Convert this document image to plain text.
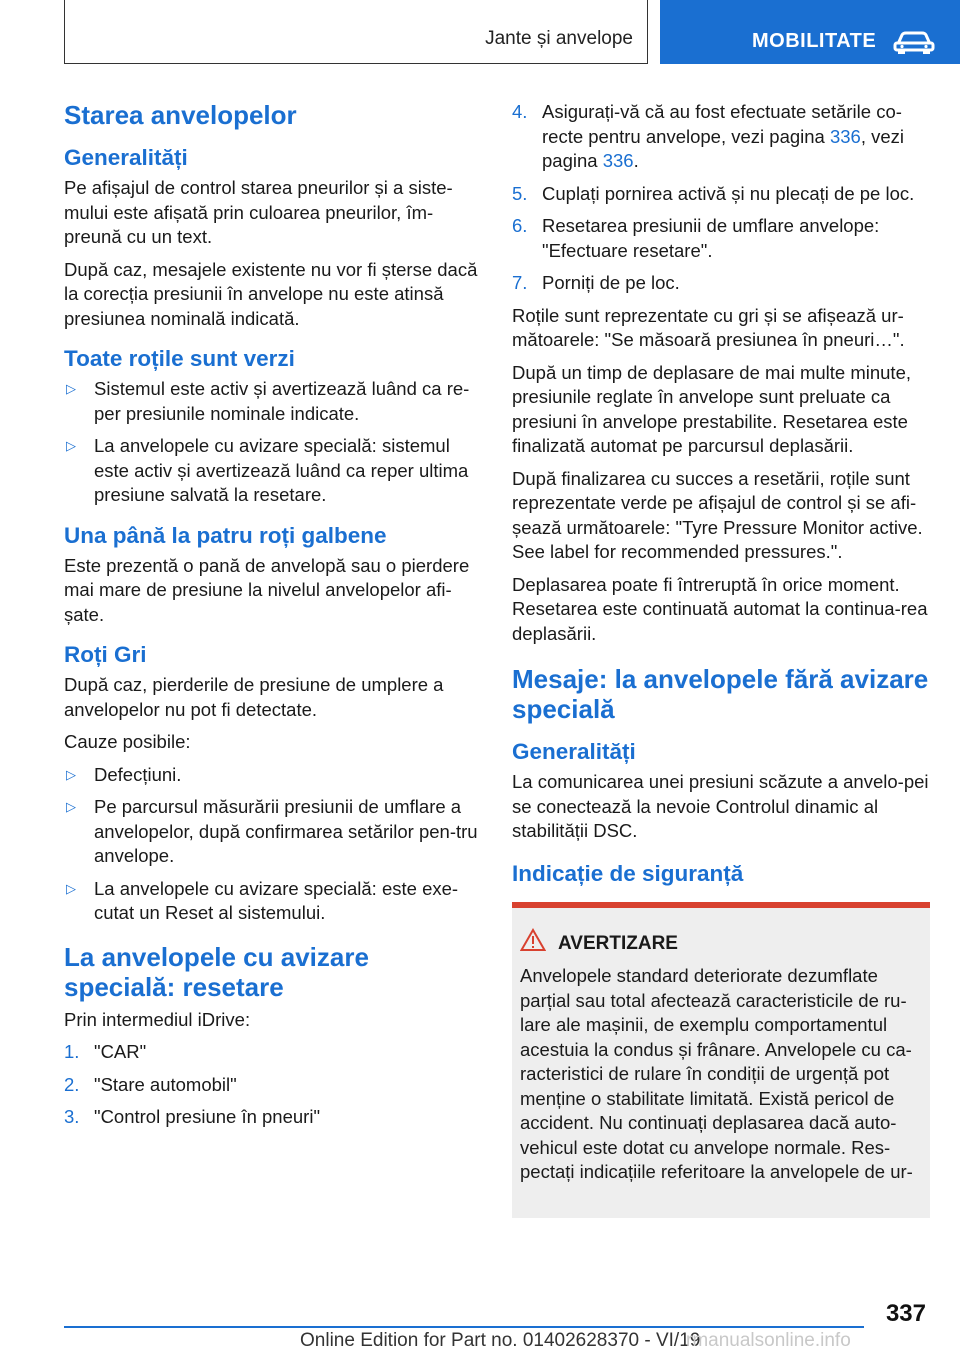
Jante și anvelope	MOBILITATE
Starea anvelopelor
Generalități

Pe afișajul de control starea pneurilor și a siste-mului este afișată prin culoarea pneurilor, îm-preună cu un text.

După caz, mesajele existente nu vor fi șterse dacă la corecția presiunii în anvelope nu este atinsă presiunea nominală indicată.

Toate roțile sunt verzi
▷ Sistemul este activ și avertizează luând ca re-per presiunile nominale indicate.
▷ La anvelopele cu avizare specială: sistemul este activ și avertizează luând ca reper ultima presiune salvată la resetare.
Una până la patru roți galbene

Este prezentă o pană de anvelopă sau o pierdere mai mare de presiune la nivelul anvelopelor afi-șate.

Roți Gri

După caz, pierderile de presiune de umplere a anvelopelor nu pot fi detectate.

Cauze posibile:

▷ Defecțiuni.
▷ Pe parcursul măsurării presiunii de umflare a anvelopelor, după confirmarea setărilor pen-tru anvelope.
▷ La anvelopele cu avizare specială: este exe-cutat un Reset al sistemului.
La anvelopele cu avizare specială: resetare

Prin intermediul iDrive:

1. "CAR"
2. "Stare automobil"
3. "Control presiune în pneuri"
4. Asigurați-vă că au fost efectuate setările co-recte pentru anvelope, vezi pagina 336, vezi pagina 336.
5. Cuplați pornirea activă și nu plecați de pe loc.
6. Resetarea presiunii de umflare anvelope: "Efectuare resetare".
7. Porniți de pe loc.

Roțile sunt reprezentate cu gri și se afișează ur-mătoarele: "Se măsoară presiunea în pneuri…".

După un timp de deplasare de mai multe minute, presiunile reglate în anvelope sunt preluate ca presiuni în anvelope prestabilite. Resetarea este finalizată automat pe parcursul deplasării.

După finalizarea cu succes a resetării, roțile sunt reprezentate verde pe afișajul de control și se afi-șează următoarele: "Tyre Pressure Monitor active. See label for recommended pressures.".

Deplasarea poate fi întreruptă în orice moment. Resetarea este continuată automat la continua-rea deplasării.

Mesaje: la anvelopele fără avizare specială
Generalități

La comunicarea unei presiuni scăzute a anvelo-pei se conectează la nevoie Controlul dinamic al stabilității DSC.

Indicație de siguranță
AVERTIZARE

Anvelopele standard deteriorate dezumflate parțial sau total afectează caracteristicile de ru-lare ale mașinii, de exemplu comportamentul acestuia la condus și frânare. Anvelopele cu ca-racteristici de rulare în condiții de urgență pot menține o stabilitate limitată. Există pericol de accident. Nu continuați deplasarea dacă auto-vehicul este dotat cu anvelope normale. Res-pectați indicațiile referitoare la anvelopele de ur-

337
Online Edition for Part no. 01402628370 - VI/19
rmanualsonline.info
